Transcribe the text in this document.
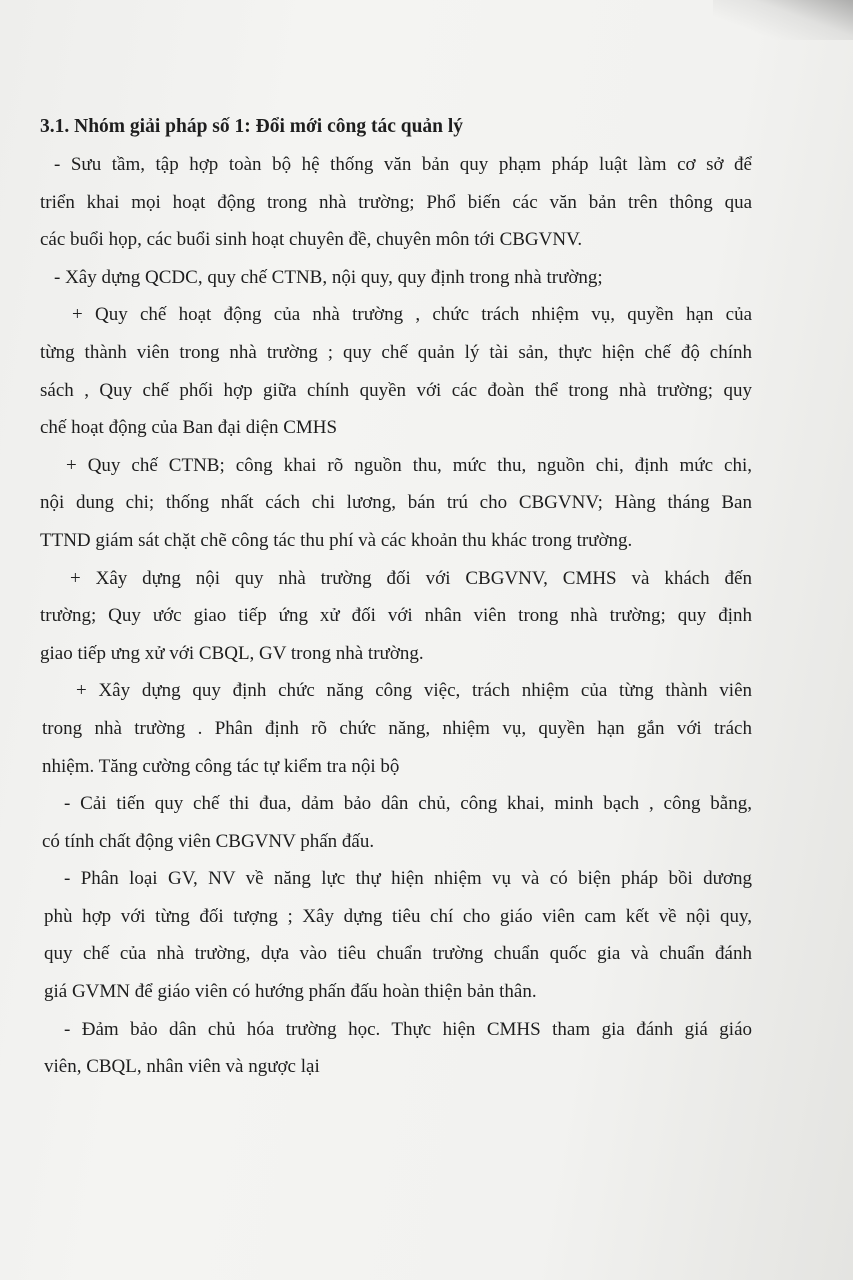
3.1. Nhóm giải pháp số 1: Đổi mới công tác quản lý
- Sưu tầm, tập hợp toàn bộ hệ thống văn bản quy phạm pháp luật làm cơ sở để
triển khai mọi hoạt động trong nhà trường; Phổ biến các văn bản trên thông qua
các buổi họp, các buổi sinh hoạt chuyên đề, chuyên môn tới CBGVNV.
- Xây dựng QCDC, quy chế CTNB, nội quy, quy định trong nhà trường;
+ Quy chế hoạt động của nhà trường , chức trách nhiệm vụ, quyền hạn của
từng thành viên trong nhà trường ; quy chế quản lý tài sản, thực hiện chế độ chính
sách , Quy chế phối hợp giữa chính quyền với các đoàn thể trong nhà trường; quy
chế hoạt động của Ban đại diện CMHS
+ Quy chế CTNB; công khai rõ nguồn thu, mức thu, nguồn chi, định mức chi,
nội dung chi; thống nhất cách chi lương, bán trú cho CBGVNV; Hàng tháng Ban
TTND giám sát chặt chẽ công tác thu phí và các khoản thu khác trong trường.
+ Xây dựng nội quy nhà trường đối với CBGVNV, CMHS và khách đến
trường; Quy ước giao tiếp ứng xử đối với nhân viên trong nhà trường; quy định
giao tiếp ưng xử với CBQL, GV trong nhà trường.
+ Xây dựng quy định chức năng công việc, trách nhiệm của từng thành viên
trong nhà trường . Phân định rõ chức năng, nhiệm vụ, quyền hạn gắn với trách
nhiệm. Tăng cường công tác tự kiểm tra nội bộ
- Cải tiến quy chế thi đua, dảm bảo dân chủ, công khai, minh bạch , công bằng,
có tính chất động viên CBGVNV phấn đấu.
- Phân loại GV, NV về năng lực thự hiện nhiệm vụ và có biện pháp bồi dương
phù hợp với từng đối tượng ; Xây dựng tiêu chí cho giáo viên cam kết về nội quy,
quy chế của nhà trường, dựa vào tiêu chuẩn trường chuẩn quốc gia và chuẩn đánh
giá GVMN để giáo viên có hướng phấn đấu hoàn thiện bản thân.
- Đảm bảo dân chủ hóa trường học. Thực hiện CMHS tham gia đánh giá giáo
viên, CBQL, nhân viên và ngược lại
